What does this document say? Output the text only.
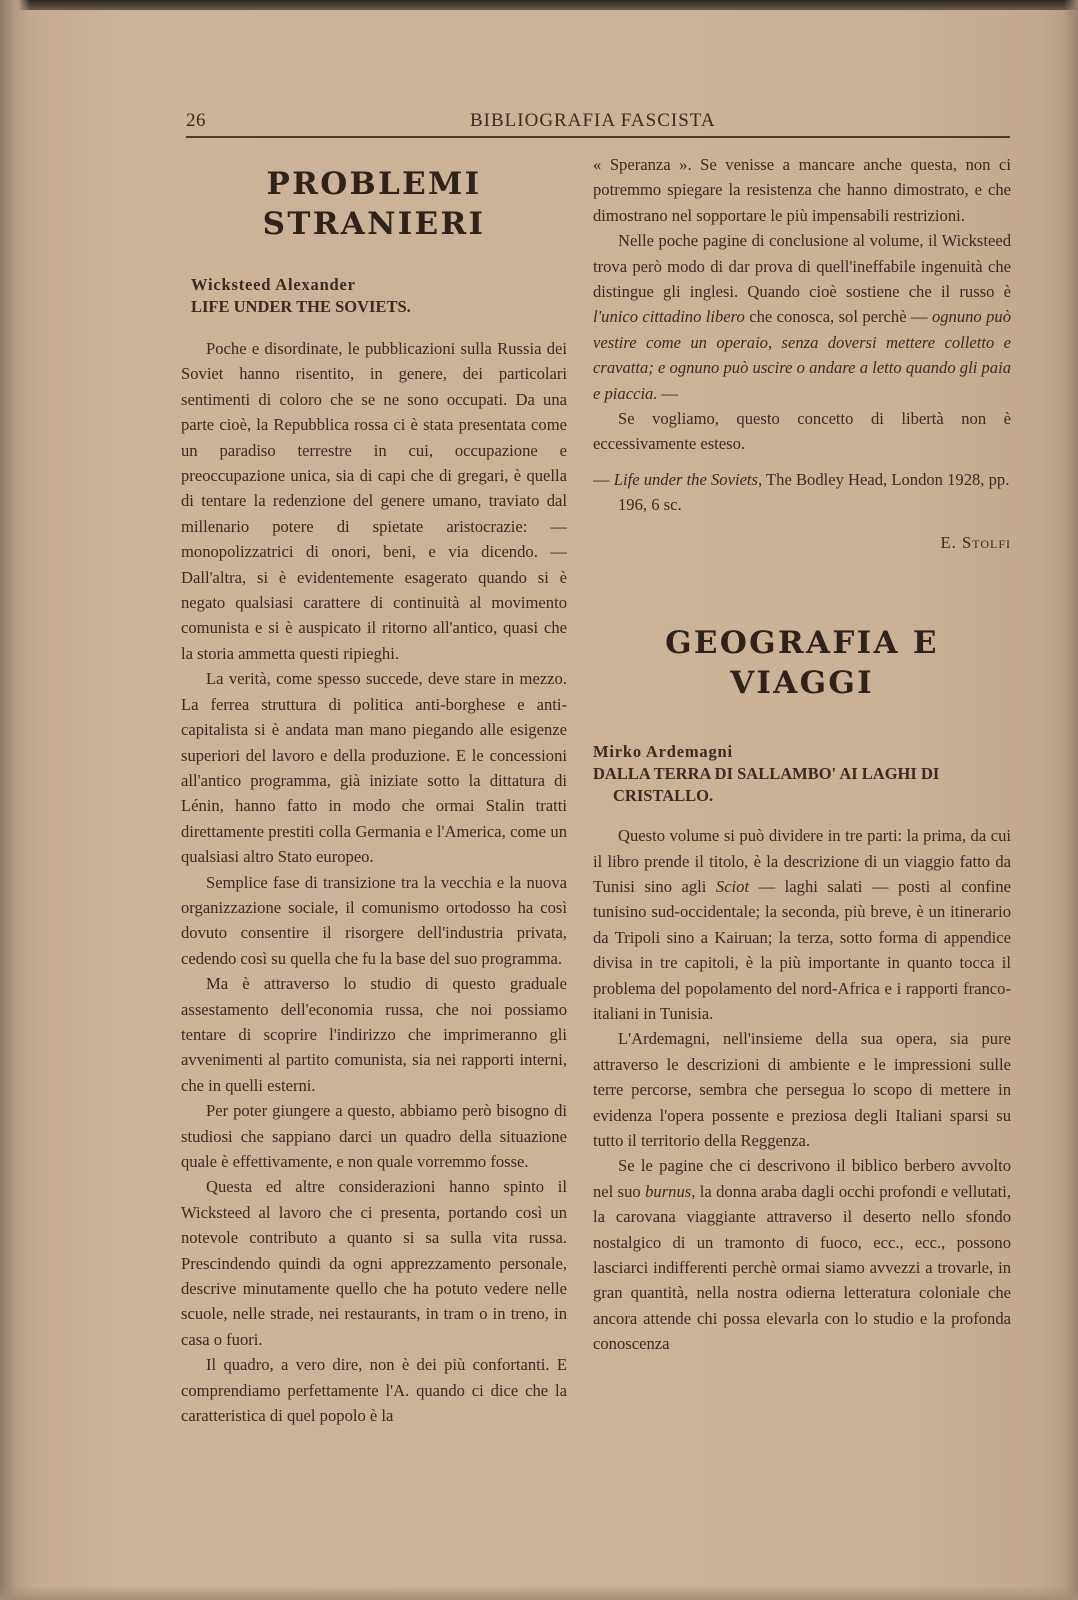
26	BIBLIOGRAFIA FASCISTA
PROBLEMI STRANIERI

Wicksteed Alexander

LIFE UNDER THE SOVIETS.

Poche e disordinate, le pubblicazioni sulla Russia dei Soviet hanno risentito, in genere, dei particolari sentimenti di coloro che se ne sono occupati. Da una parte cioè, la Repubblica rossa ci è stata presentata come un paradiso terrestre in cui, occupazione e preoccupazione unica, sia di capi che di gregari, è quella di tentare la redenzione del genere umano, traviato dal millenario potere di spietate aristocrazie: — monopolizzatrici di onori, beni, e via dicendo. — Dall'altra, si è evidentemente esagerato quando si è negato qualsiasi carattere di continuità al movimento comunista e si è auspicato il ritorno all'antico, quasi che la storia ammetta questi ripieghi.

La verità, come spesso succede, deve stare in mezzo. La ferrea struttura di politica anti-borghese e anti-capitalista si è andata man mano piegando alle esigenze superiori del lavoro e della produzione. E le concessioni all'antico programma, già iniziate sotto la dittatura di Lénin, hanno fatto in modo che ormai Stalin tratti direttamente prestiti colla Germania e l'America, come un qualsiasi altro Stato europeo.

Semplice fase di transizione tra la vecchia e la nuova organizzazione sociale, il comunismo ortodosso ha così dovuto consentire il risorgere dell'industria privata, cedendo così su quella che fu la base del suo programma.

Ma è attraverso lo studio di questo graduale assestamento dell'economia russa, che noi possiamo tentare di scoprire l'indirizzo che imprimeranno gli avvenimenti al partito comunista, sia nei rapporti interni, che in quelli esterni.

Per poter giungere a questo, abbiamo però bisogno di studiosi che sappiano darci un quadro della situazione quale è effettivamente, e non quale vorremmo fosse.

Questa ed altre considerazioni hanno spinto il Wicksteed al lavoro che ci presenta, portando così un notevole contributo a quanto si sa sulla vita russa. Prescindendo quindi da ogni apprezzamento personale, descrive minutamente quello che ha potuto vedere nelle scuole, nelle strade, nei restaurants, in tram o in treno, in casa o fuori.

Il quadro, a vero dire, non è dei più confortanti. E comprendiamo perfettamente l'A. quando ci dice che la caratteristica di quel popolo è la

« Speranza ». Se venisse a mancare anche questa, non ci potremmo spiegare la resistenza che hanno dimostrato, e che dimostrano nel sopportare le più impensabili restrizioni.

Nelle poche pagine di conclusione al volume, il Wicksteed trova però modo di dar prova di quell'ineffabile ingenuità che distingue gli inglesi. Quando cioè sostiene che il russo è l'unico cittadino libero che conosca, sol perchè — ognuno può vestire come un operaio, senza doversi mettere colletto e cravatta; e ognuno può uscire o andare a letto quando gli paia e piaccia. —

Se vogliamo, questo concetto di libertà non è eccessivamente esteso.

— Life under the Soviets, The Bodley Head, London 1928, pp. 196, 6 sc.

E. Stolfi

GEOGRAFIA E VIAGGI

Mirko Ardemagni

DALLA TERRA DI SALLAMBO' AI LAGHI DI CRISTALLO.

Questo volume si può dividere in tre parti: la prima, da cui il libro prende il titolo, è la descrizione di un viaggio fatto da Tunisi sino agli Sciot — laghi salati — posti al confine tunisino sud-occidentale; la seconda, più breve, è un itinerario da Tripoli sino a Kairuan; la terza, sotto forma di appendice divisa in tre capitoli, è la più importante in quanto tocca il problema del popolamento del nord-Africa e i rapporti franco-italiani in Tunisia.

L'Ardemagni, nell'insieme della sua opera, sia pure attraverso le descrizioni di ambiente e le impressioni sulle terre percorse, sembra che persegua lo scopo di mettere in evidenza l'opera possente e preziosa degli Italiani sparsi su tutto il territorio della Reggenza.

Se le pagine che ci descrivono il biblico berbero avvolto nel suo burnus, la donna araba dagli occhi profondi e vellutati, la carovana viaggiante attraverso il deserto nello sfondo nostalgico di un tramonto di fuoco, ecc., ecc., possono lasciarci indifferenti perchè ormai siamo avvezzi a trovarle, in gran quantità, nella nostra odierna letteratura coloniale che ancora attende chi possa elevarla con lo studio e la profonda conoscenza
